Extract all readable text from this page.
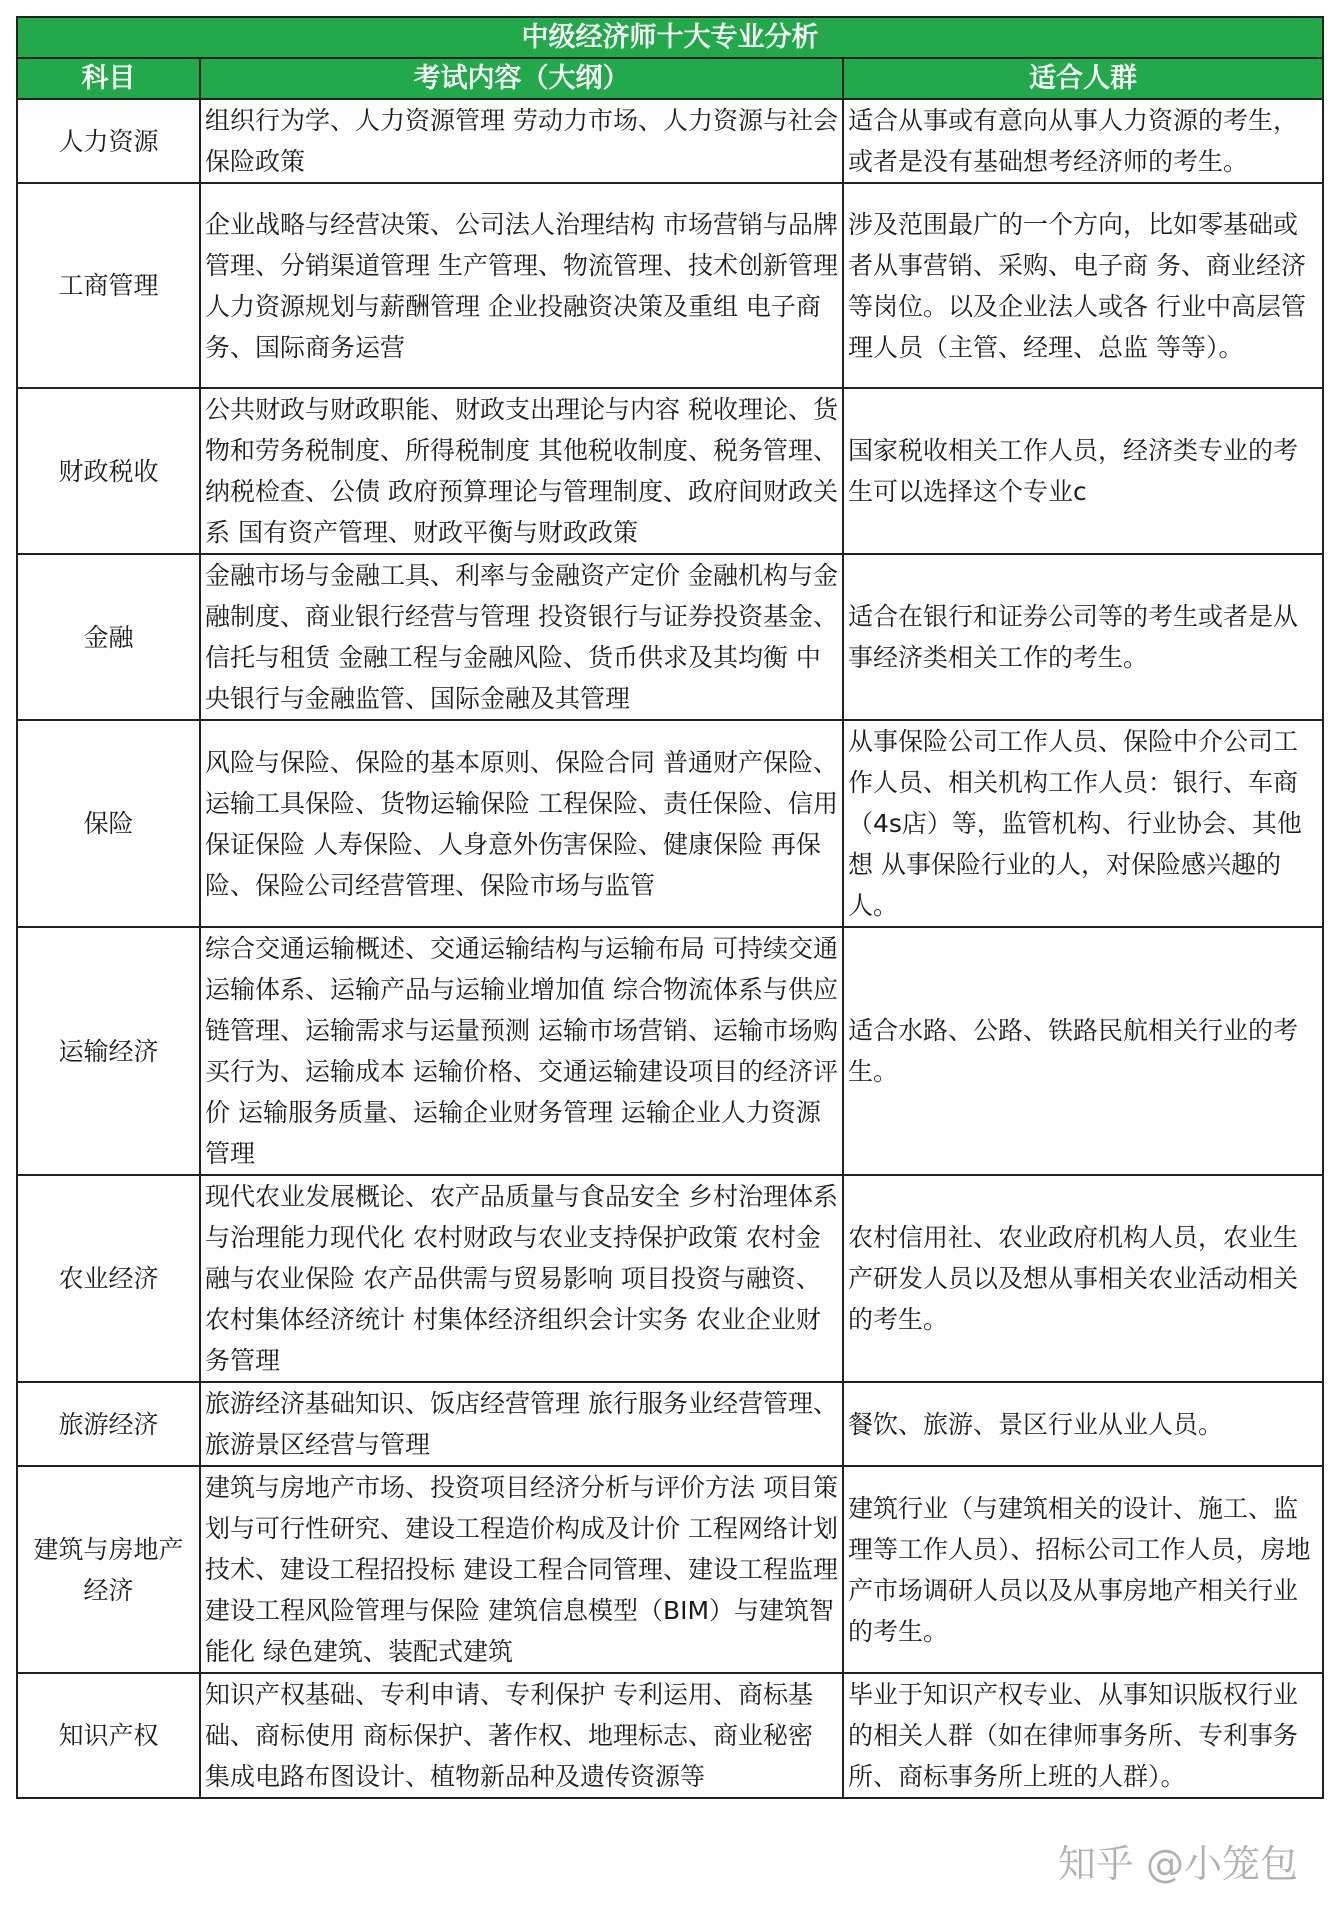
中级经济师十大专业分析		
科目	考试内容（大纲）	适合人群
人力资源	组织行为学、人力资源管理 劳动力市场、人力资源与社会保险政策	适合从事或有意向从事人力资源的考生，或者是没有基础想考经济师的考生。
工商管理	企业战略与经营决策、公司法人治理结构 市场营销与品牌管理、分销渠道管理 生产管理、物流管理、技术创新管理 人力资源规划与薪酬管理 企业投融资决策及重组 电子商务、国际商务运营	涉及范围最广的一个方向，比如零基础或者从事营销、采购、电子商 务、商业经济等岗位。以及企业法人或各 行业中高层管理人员（主管、经理、总监 等等）。
财政税收	公共财政与财政职能、财政支出理论与内容 税收理论、货物和劳务税制度、所得税制度 其他税收制度、税务管理、纳税检查、公债 政府预算理论与管理制度、政府间财政关系 国有资产管理、财政平衡与财政政策	国家税收相关工作人员，经济类专业的考生可以选择这个专业c
金融	金融市场与金融工具、利率与金融资产定价 金融机构与金融制度、商业银行经营与管理 投资银行与证券投资基金、信托与租赁 金融工程与金融风险、货币供求及其均衡 中央银行与金融监管、国际金融及其管理	适合在银行和证券公司等的考生或者是从事经济类相关工作的考生。
保险	风险与保险、保险的基本原则、保险合同 普通财产保险、运输工具保险、货物运输保险 工程保险、责任保险、信用保证保险 人寿保险、人身意外伤害保险、健康保险 再保险、保险公司经营管理、保险市场与监管	从事保险公司工作人员、保险中介公司工作人员、相关机构工作人员：银行、车商（4s店）等，监管机构、行业协会、其他想 从事保险行业的人，对保险感兴趣的人。
运输经济	综合交通运输概述、交通运输结构与运输布局 可持续交通运输体系、运输产品与运输业增加值 综合物流体系与供应链管理、运输需求与运量预测 运输市场营销、运输市场购买行为、运输成本 运输价格、交通运输建设项目的经济评价 运输服务质量、运输企业财务管理 运输企业人力资源管理	适合水路、公路、铁路民航相关行业的考生。
农业经济	现代农业发展概论、农产品质量与食品安全 乡村治理体系与治理能力现代化 农村财政与农业支持保护政策 农村金融与农业保险 农产品供需与贸易影响 项目投资与融资、农村集体经济统计 村集体经济组织会计实务 农业企业财务管理	农村信用社、农业政府机构人员，农业生产研发人员以及想从事相关农业活动相关的考生。
旅游经济	旅游经济基础知识、饭店经营管理 旅行服务业经营管理、旅游景区经营与管理	餐饮、旅游、景区行业从业人员。
建筑与房地产经济	建筑与房地产市场、投资项目经济分析与评价方法 项目策划与可行性研究、建设工程造价构成及计价 工程网络计划技术、建设工程招投标 建设工程合同管理、建设工程监理 建设工程风险管理与保险 建筑信息模型（BIM）与建筑智能化 绿色建筑、装配式建筑	建筑行业（与建筑相关的设计、施工、监理等工作人员）、招标公司工作人员，房地产市场调研人员以及从事房地产相关行业的考生。
知识产权	知识产权基础、专利申请、专利保护 专利运用、商标基础、商标使用 商标保护、著作权、地理标志、商业秘密 集成电路布图设计、植物新品种及遗传资源等	毕业于知识产权专业、从事知识版权行业的相关人群（如在律师事务所、专利事务所、商标事务所上班的人群）。
知乎 @小笼包
